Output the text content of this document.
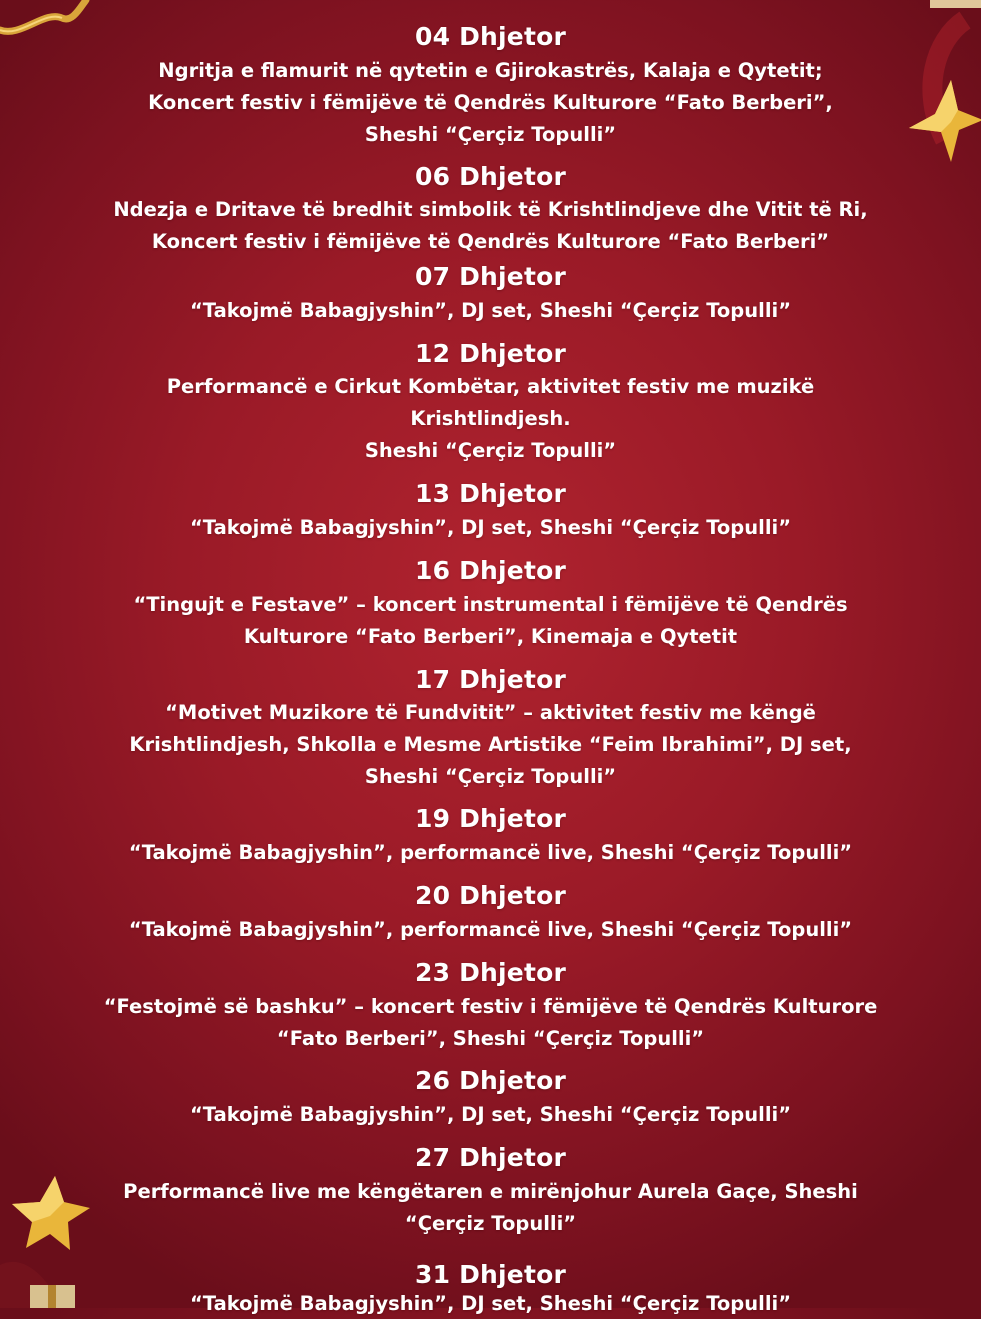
04 Dhjetor
Ngritja e flamurit në qytetin e Gjirokastrës, Kalaja e Qytetit;
Koncert festiv i fëmijëve të Qendrës Kulturore “Fato Berberi”,
Sheshi “Çerçiz Topulli”
06 Dhjetor
Ndezja e Dritave të bredhit simbolik të Krishtlindjeve dhe Vitit të Ri,
Koncert festiv i fëmijëve të Qendrës Kulturore “Fato Berberi”
07 Dhjetor
“Takojmë Babagjyshin”, DJ set, Sheshi “Çerçiz Topulli”
12 Dhjetor
Performancë e Cirkut Kombëtar, aktivitet festiv me muzikë
Krishtlindjesh.
Sheshi “Çerçiz Topulli”
13 Dhjetor
“Takojmë Babagjyshin”, DJ set, Sheshi “Çerçiz Topulli”
16 Dhjetor
“Tingujt e Festave” – koncert instrumental i fëmijëve të Qendrës
Kulturore “Fato Berberi”, Kinemaja e Qytetit
17 Dhjetor
“Motivet Muzikore të Fundvitit” – aktivitet festiv me këngë
Krishtlindjesh, Shkolla e Mesme Artistike “Feim Ibrahimi”, DJ set,
Sheshi “Çerçiz Topulli”
19 Dhjetor
“Takojmë Babagjyshin”, performancë live, Sheshi “Çerçiz Topulli”
20 Dhjetor
“Takojmë Babagjyshin”, performancë live, Sheshi “Çerçiz Topulli”
23 Dhjetor
“Festojmë së bashku” – koncert festiv i fëmijëve të Qendrës Kulturore
“Fato Berberi”, Sheshi “Çerçiz Topulli”
26 Dhjetor
“Takojmë Babagjyshin”, DJ set, Sheshi “Çerçiz Topulli”
27 Dhjetor
Performancë live me këngëtaren e mirënjohur Aurela Gaçe, Sheshi
“Çerçiz Topulli”
31 Dhjetor
“Takojmë Babagjyshin”, DJ set, Sheshi “Çerçiz Topulli”
